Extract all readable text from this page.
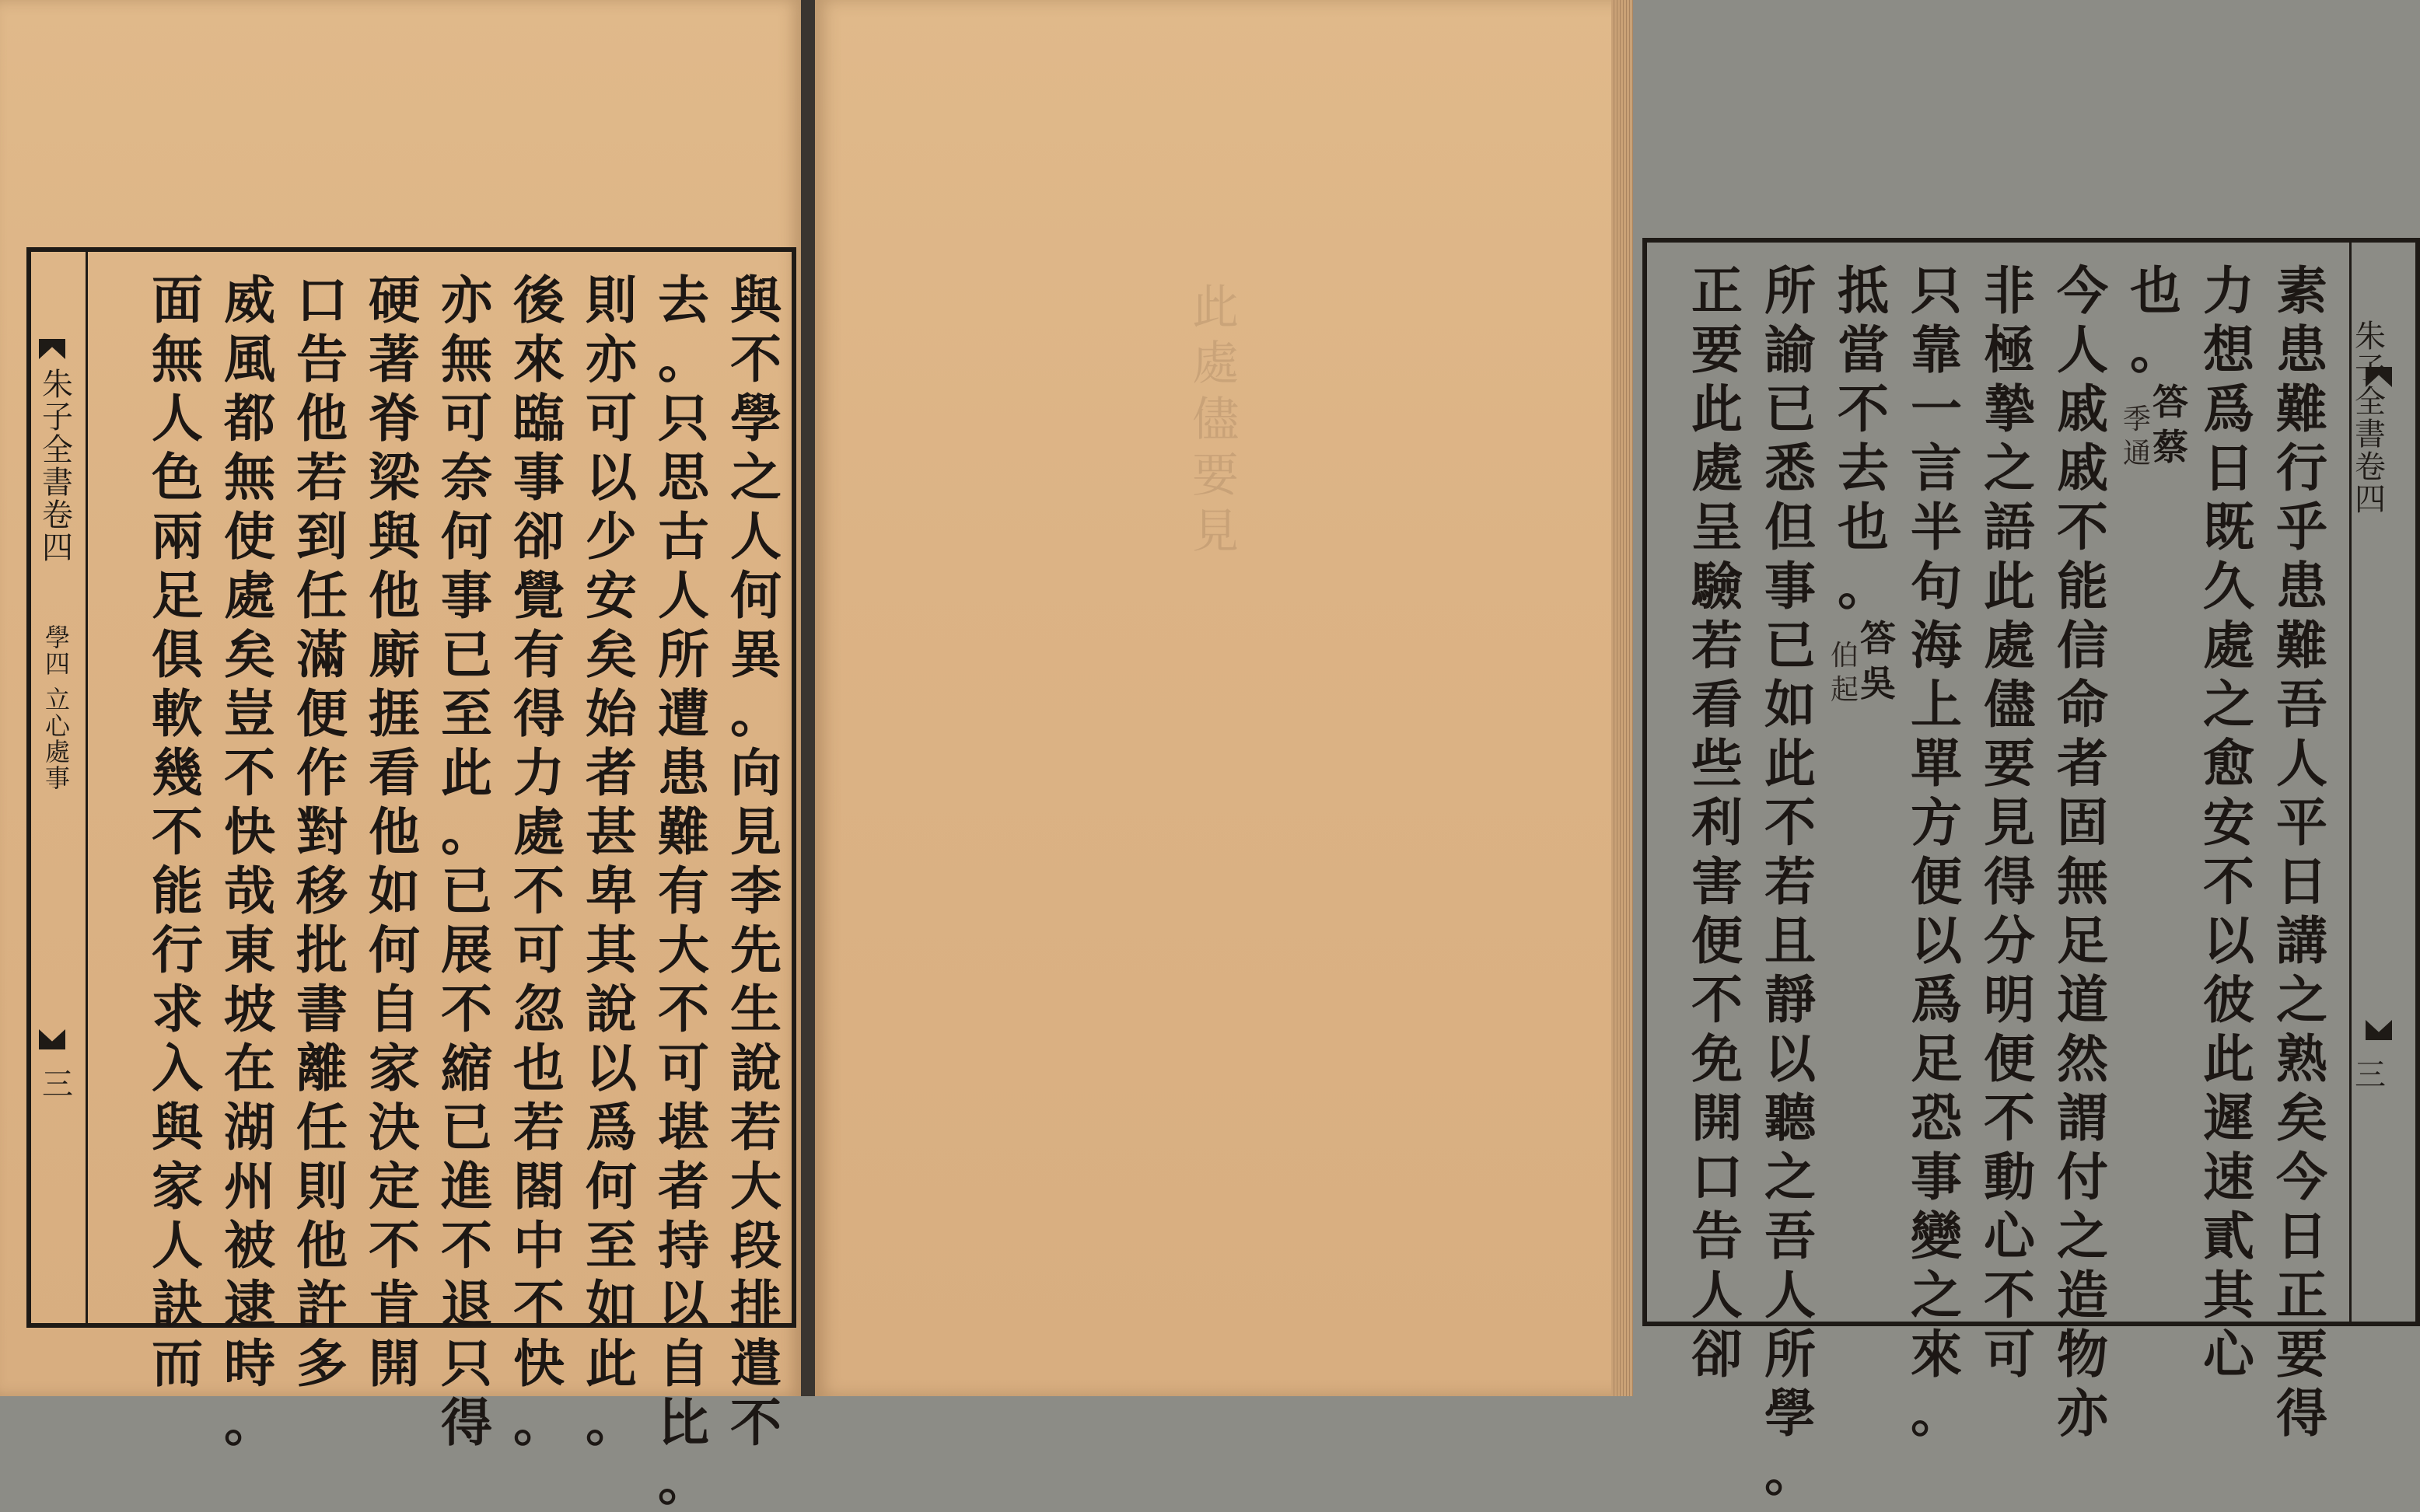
朱子全書卷四
學四
立心處事
三
與
不
學
之
人
何
異
。
向
見
李
先
生
說
若
大
段
排
遣
不
去
。
只
思
古
人
所
遭
患
難
有
大
不
可
堪
者
持
以
自
比
。
則
亦
可
以
少
安
矣
始
者
甚
卑
其
說
以
爲
何
至
如
此
。
後
來
臨
事
卻
覺
有
得
力
處
不
可
忽
也
若
閤
中
不
快
。
亦
無
可
奈
何
事
已
至
此
。
已
展
不
縮
已
進
不
退
只
得
硬
著
脊
梁
與
他
廝
捱
看
他
如
何
自
家
決
定
不
肯
開
口
告
他
若
到
任
滿
便
作
對
移
批
書
離
任
則
他
許
多
威
風
都
無
使
處
矣
豈
不
快
哉
東
坡
在
湖
州
被
逮
時
。
面
無
人
色
兩
足
俱
軟
幾
不
能
行
求
入
與
家
人
訣
而
此處儘要見
朱子全書卷四
三
素
患
難
行
乎
患
難
吾
人
平
日
講
之
熟
矣
今
日
正
要
得
力
想
爲
日
既
久
處
之
愈
安
不
以
彼
此
遲
速
貳
其
心
也
。
答
蔡
季
通
今
人
戚
戚
不
能
信
命
者
固
無
足
道
然
謂
付
之
造
物
亦
非
極
摯
之
語
此
處
儘
要
見
得
分
明
便
不
動
心
不
可
只
靠
一
言
半
句
海
上
單
方
便
以
爲
足
恐
事
變
之
來
。
抵
當
不
去
也
。
答
吳
伯
起
所
諭
已
悉
但
事
已
如
此
不
若
且
靜
以
聽
之
吾
人
所
學
。
正
要
此
處
呈
驗
若
看
些
利
害
便
不
免
開
口
告
人
卻
